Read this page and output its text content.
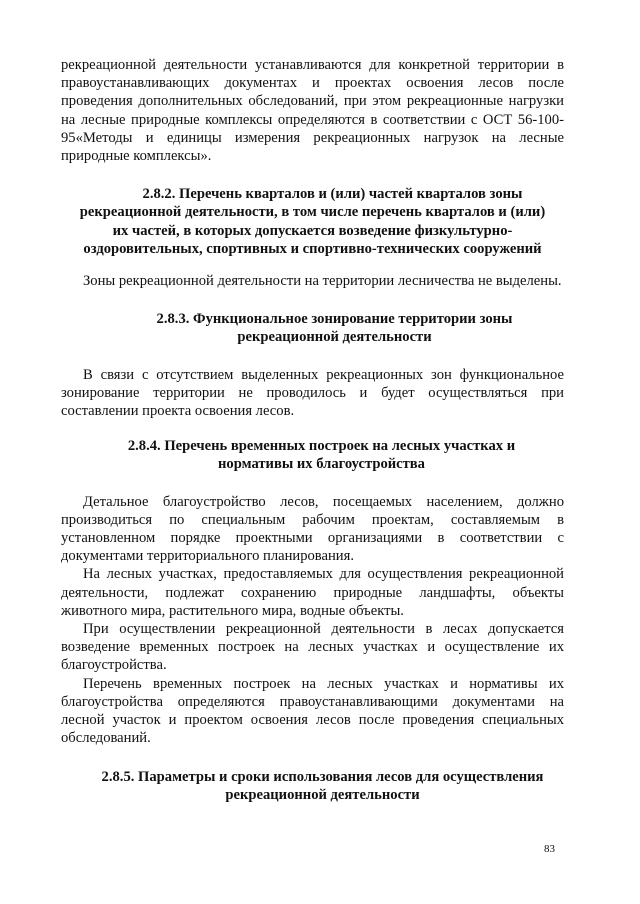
рекреационной деятельности устанавливаются для конкретной территории в правоустанавливающих документах и проектах освоения лесов после проведения дополнительных обследований, при этом рекреационные нагрузки на лесные природные комплексы определяются в соответствии с ОСТ 56-100-95«Методы и единицы измерения рекреационных нагрузок на лесные природные комплексы».

2.8.2. Перечень кварталов и (или) частей кварталов зоны
рекреационной деятельности, в том числе перечень кварталов и (или)
их частей, в которых допускается возведение физкультурно-
оздоровительных, спортивных и спортивно-технических сооружений

Зоны рекреационной деятельности на территории лесничества не выделены.

2.8.3. Функциональное зонирование территории зоны
рекреационной деятельности

В связи с отсутствием выделенных рекреационных зон функциональное зонирование территории не проводилось и будет осуществляться при составлении проекта освоения лесов.

2.8.4. Перечень временных построек на лесных участках и
нормативы их благоустройства

Детальное благоустройство лесов, посещаемых населением, должно производиться по специальным рабочим проектам, составляемым в установленном порядке проектными организациями в соответствии с документами территориального планирования.

На лесных участках, предоставляемых для осуществления рекреационной деятельности, подлежат сохранению природные ландшафты, объекты животного мира, растительного мира, водные объекты.

При осуществлении рекреационной деятельности в лесах допускается возведение временных построек на лесных участках и осуществление их благоустройства.

Перечень временных построек на лесных участках и нормативы их благоустройства определяются правоустанавливающими документами на лесной участок и проектом освоения лесов после проведения специальных обследований.

2.8.5. Параметры и сроки использования лесов для осуществления
рекреационной деятельности
83
